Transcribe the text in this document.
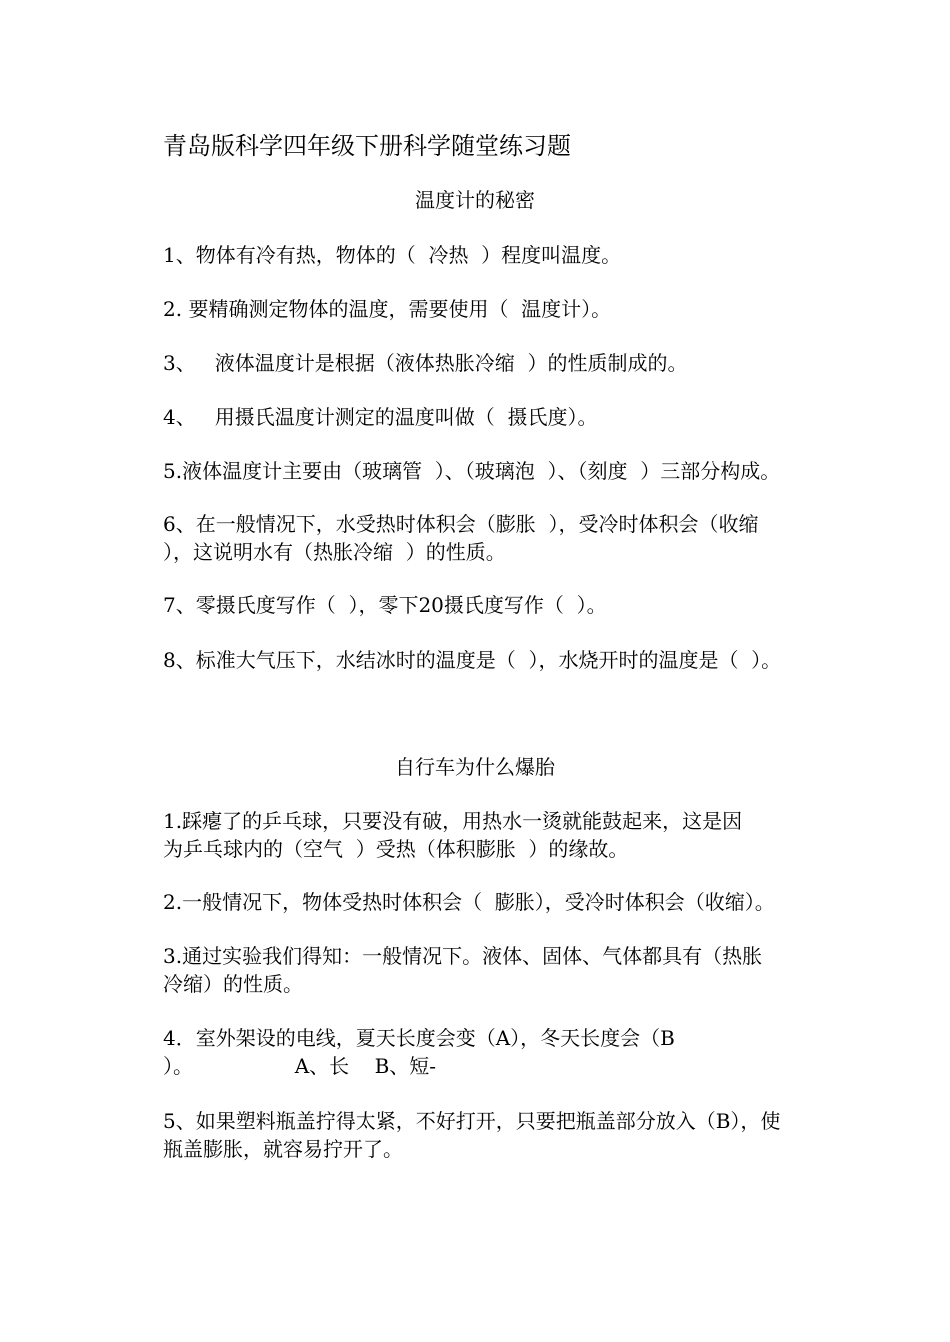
青岛版科学四年级下册科学随堂练习题
温度计的秘密
1、物体有冷有热，物体的（  冷热  ）程度叫温度。
2. 要精确测定物体的温度，需要使用（  温度计）。
3、   液体温度计是根据（液体热胀冷缩  ）的性质制成的。
4、   用摄氏温度计测定的温度叫做（  摄氏度）。
5.液体温度计主要由（玻璃管  ）、（玻璃泡  ）、（刻度  ）三部分构成。
6、在一般情况下，水受热时体积会（膨胀  ），受冷时体积会（收缩
），这说明水有（热胀冷缩  ）的性质。
7、零摄氏度写作（  ），零下20摄氏度写作（  ）。
8、标准大气压下，水结冰时的温度是（  ），水烧开时的温度是（  ）。
自行车为什么爆胎
1.踩瘪了的乒乓球，只要没有破，用热水一烫就能鼓起来，这是因
为乒乓球内的（空气  ）受热（体积膨胀  ）的缘故。
2.一般情况下，物体受热时体积会（  膨胀），受冷时体积会（收缩）。
3.通过实验我们得知：一般情况下。液体、固体、气体都具有（热胀
冷缩）的性质。
4．室外架设的电线，夏天长度会变（A），冬天长度会（B
）。                A、长    B、短-
5、如果塑料瓶盖拧得太紧，不好打开，只要把瓶盖部分放入（B），使
瓶盖膨胀，就容易拧开了。
